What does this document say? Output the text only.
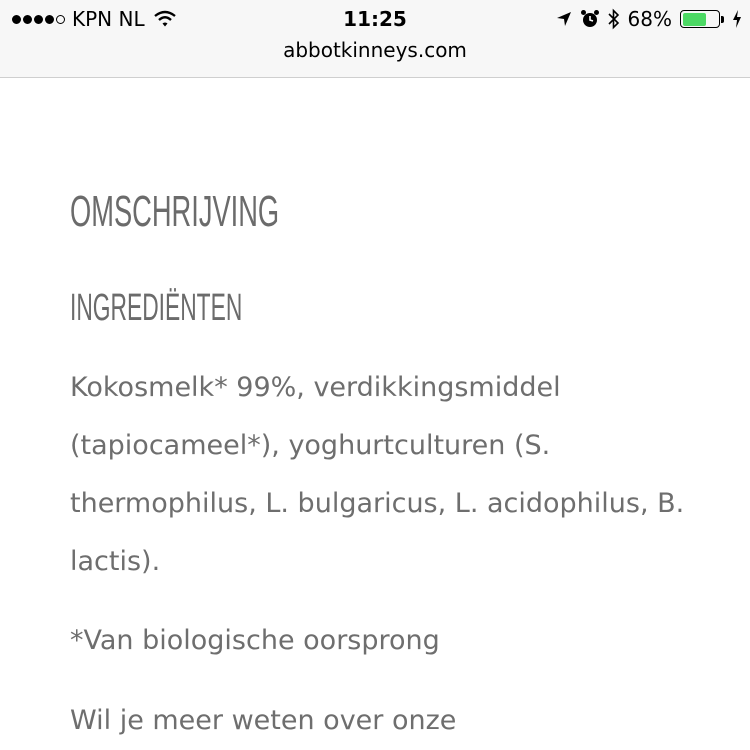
KPN NL	11:25	68%
abbotkinneys.com
OMSCHRIJVING
INGREDIËNTEN

Kokosmelk* 99%, verdikkingsmiddel (tapiocameel*), yoghurtculturen (S. thermophilus, L. bulgaricus, L. acidophilus, B. lactis).

*Van biologische oorsprong

Wil je meer weten over onze
